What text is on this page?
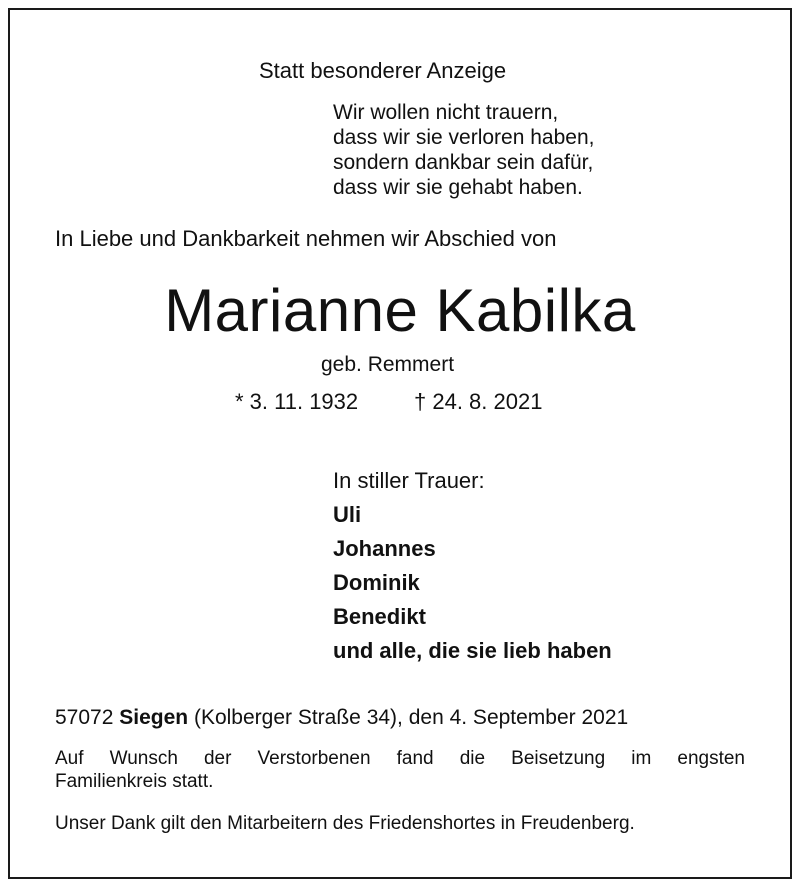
Statt besonderer Anzeige
Wir wollen nicht trauern,
dass wir sie verloren haben,
sondern dankbar sein dafür,
dass wir sie gehabt haben.
In Liebe und Dankbarkeit nehmen wir Abschied von
Marianne Kabilka
geb. Remmert
* 3. 11. 1932	† 24. 8. 2021
In stiller Trauer:
Uli
Johannes
Dominik
Benedikt
und alle, die sie lieb haben
57072 Siegen (Kolberger Straße 34), den 4. September 2021
Auf Wunsch der Verstorbenen fand die Beisetzung im engsten
Familienkreis statt.
Unser Dank gilt den Mitarbeitern des Friedenshortes in Freudenberg.
